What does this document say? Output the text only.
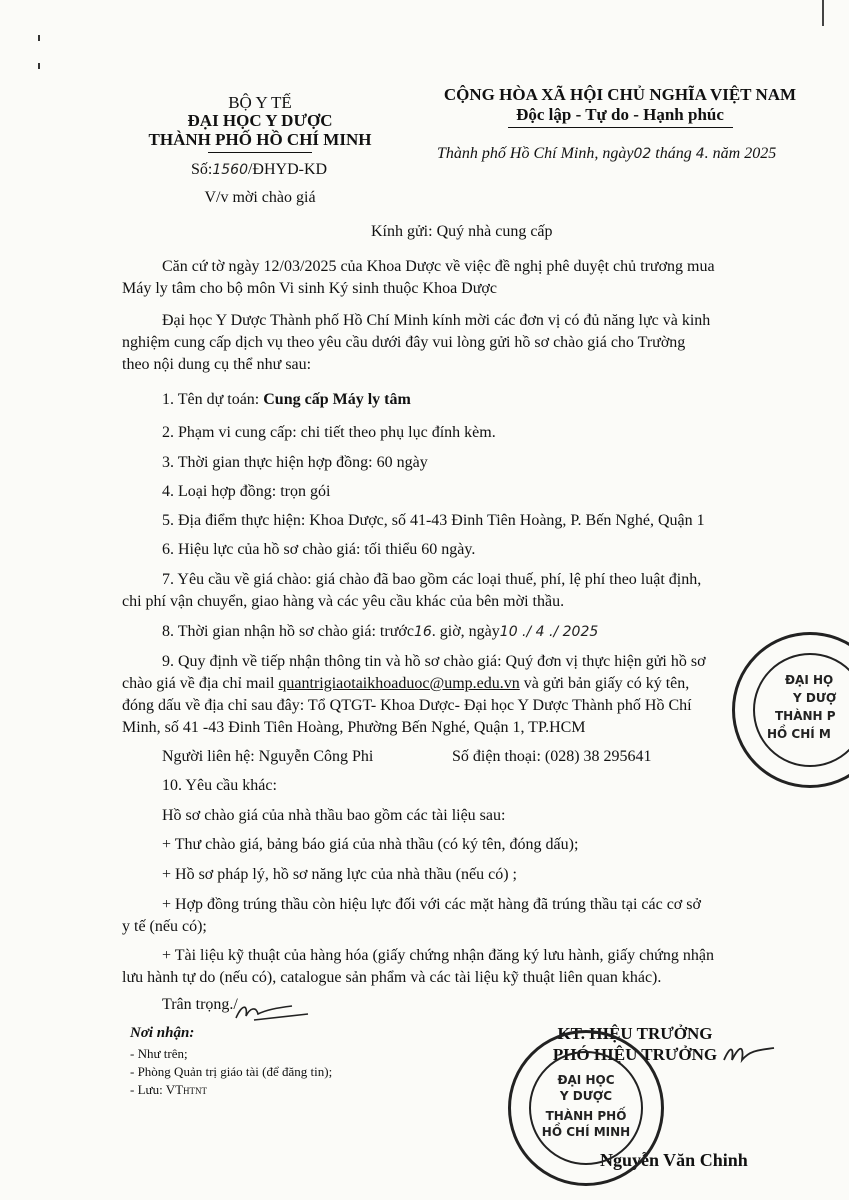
BỘ Y TẾ
ĐẠI HỌC Y DƯỢC
THÀNH PHỐ HỒ CHÍ MINH
Số:1560/ĐHYD-KD
V/v mời chào giá
CỘNG HÒA XÃ HỘI CHỦ NGHĨA VIỆT NAM
Độc lập - Tự do - Hạnh phúc
Thành phố Hồ Chí Minh, ngày02 tháng 4. năm 2025
Kính gửi: Quý nhà cung cấp
Căn cứ tờ ngày 12/03/2025 của Khoa Dược về việc đề nghị phê duyệt chủ trương mua
Máy ly tâm cho bộ môn Vi sinh Ký sinh thuộc Khoa Dược
Đại học Y Dược Thành phố Hồ Chí Minh kính mời các đơn vị có đủ năng lực và kinh
nghiệm cung cấp dịch vụ theo yêu cầu dưới đây vui lòng gửi hồ sơ chào giá cho Trường
theo nội dung cụ thể như sau:
1. Tên dự toán: Cung cấp Máy ly tâm
2. Phạm vi cung cấp: chi tiết theo phụ lục đính kèm.
3. Thời gian thực hiện hợp đồng: 60 ngày
4. Loại hợp đồng: trọn gói
5. Địa điểm thực hiện: Khoa Dược, số 41-43 Đinh Tiên Hoàng, P. Bến Nghé, Quận 1
6. Hiệu lực của hồ sơ chào giá: tối thiểu 60 ngày.
7. Yêu cầu về giá chào: giá chào đã bao gồm các loại thuế, phí, lệ phí theo luật định,
chi phí vận chuyển, giao hàng và các yêu cầu khác của bên mời thầu.
8. Thời gian nhận hồ sơ chào giá: trước16. giờ, ngày10 ./ 4 ./ 2025
9. Quy định về tiếp nhận thông tin và hồ sơ chào giá: Quý đơn vị thực hiện gửi hồ sơ
chào giá về địa chỉ mail quantrigiaotaikhoaduoc@ump.edu.vn và gửi bản giấy có ký tên,
đóng dấu về địa chỉ sau đây: Tổ QTGT- Khoa Dược- Đại học Y Dược Thành phố Hồ Chí
Minh, số 41 -43 Đinh Tiên Hoàng, Phường Bến Nghé, Quận 1, TP.HCM
Người liên hệ: Nguyễn Công Phi	Số điện thoại: (028) 38 295641
10. Yêu cầu khác:
Hồ sơ chào giá của nhà thầu bao gồm các tài liệu sau:
+ Thư chào giá, bảng báo giá của nhà thầu (có ký tên, đóng dấu);
+ Hồ sơ pháp lý, hồ sơ năng lực của nhà thầu (nếu có) ;
+ Hợp đồng trúng thầu còn hiệu lực đối với các mặt hàng đã trúng thầu tại các cơ sở
y tế (nếu có);
+ Tài liệu kỹ thuật của hàng hóa (giấy chứng nhận đăng ký lưu hành, giấy chứng nhận
lưu hành tự do (nếu có), catalogue sản phẩm và các tài liệu kỹ thuật liên quan khác).
Trân trọng./
Nơi nhận:
- Như trên;
- Phòng Quản trị giáo tài (để đăng tin);
- Lưu: VTHTNT
KT. HIỆU TRƯỞNG
PHÓ HIỆU TRƯỞNG
Nguyễn Văn Chinh
ĐẠI HỌC
Y DƯỢC
THÀNH PHỐ
HỒ CHÍ MINH
ĐẠI HỌ
Y DƯỢ
THÀNH P
HỒ CHÍ M
